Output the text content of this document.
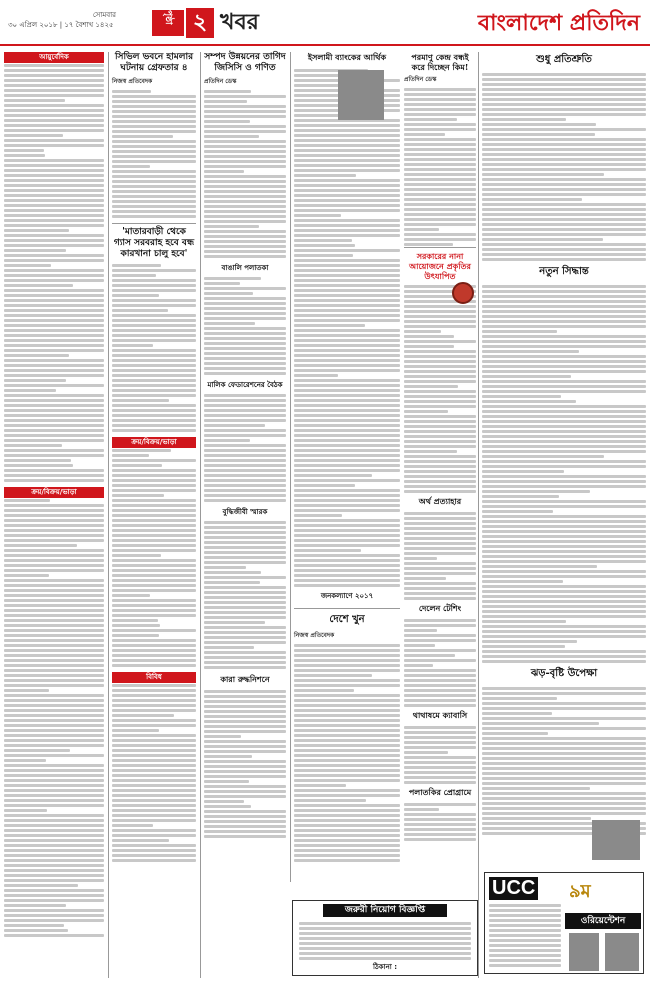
সোমবার
৩০ এপ্রিল ২০১৮ | ১৭ বৈশাখ ১৪২৫
পৃষ্ঠা ২ খবর	বাংলাদেশ প্রতিদিন
আয়ুর্বেদিক
ক্রয়/বিক্রয়/ভাড়া
সিভিল ভবনে হামলার ঘটনায় গ্রেফতার ৪
নিজস্ব প্রতিবেদক
'মাতারবাড়ী থেকে গ্যাস সরবরাহ হবে বন্ধ কারখানা চালু হবে'
ক্রয়/বিক্রয়/ভাড়া
বিবিধ
সম্পদ উন্নয়নের তাগিদ জিসিসি ও গণিত
প্রতিদিন ডেস্ক
বাঙালি পলাতকা
মালিক ফেডারেশনের বৈঠক
বুদ্ধিজীবী স্মারক
কারা রুদ্ধনিশনে
ইসলামী ব্যাংকের আর্থিক
জনকল্যাণে ২০১৭
দেশে খুন
নিজস্ব প্রতিবেদক
পরমাণু কেন্দ্র বন্ধই করে দিচ্ছেন কিম!
প্রতিদিন ডেস্ক
সরকারের নানা আয়োজনে প্রকৃতির উৎযাপিত
অর্থ প্রত্যাহার
দেলেন টেশিং
থাথাষমে ক্যাবাসি
পলাতকির প্রোগ্রামে
শুধু প্রতিশ্রুতি
নতুন সিদ্ধান্ত
ঝড়-বৃষ্টি উপেক্ষা
জরুরী নিয়োগ বিজ্ঞপ্তি
ঠিকানা :
UCC ৯ম
ওরিয়েন্টেশন
